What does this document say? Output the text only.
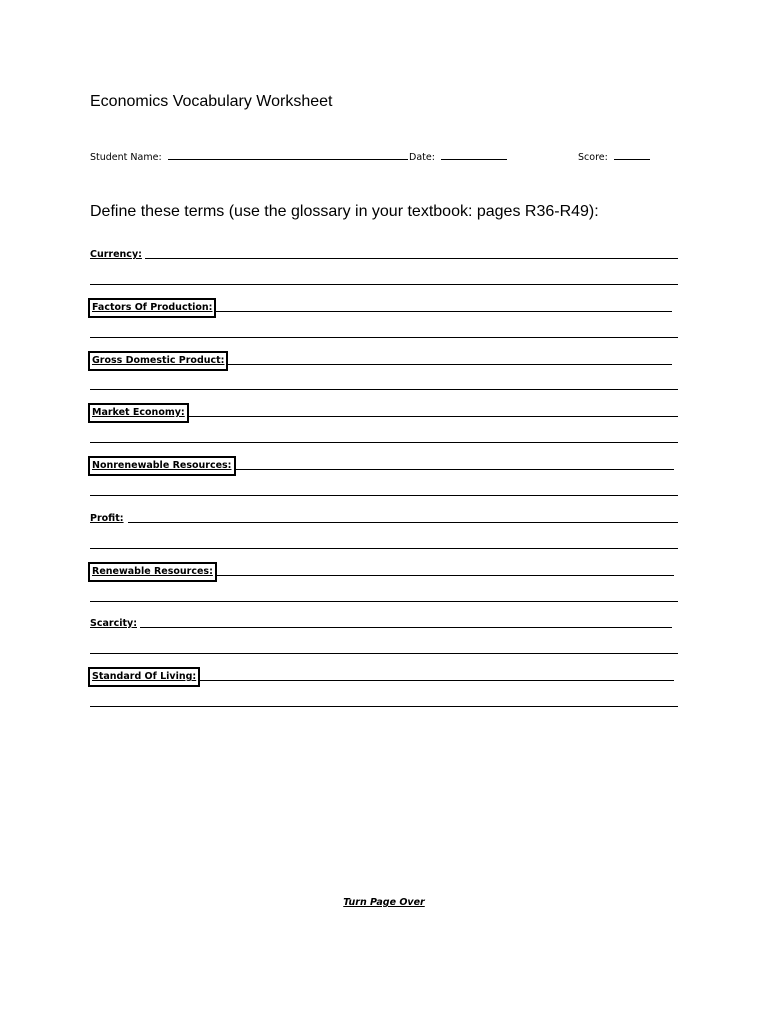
Economics Vocabulary Worksheet
Student Name:	Date:	Score:
Define these terms (use the glossary in your textbook: pages R36-R49):
Currency:
Factors Of Production:
Gross Domestic Product:
Market Economy:
Nonrenewable Resources:
Profit:
Renewable Resources:
Scarcity:
Standard Of Living:
Turn Page Over
